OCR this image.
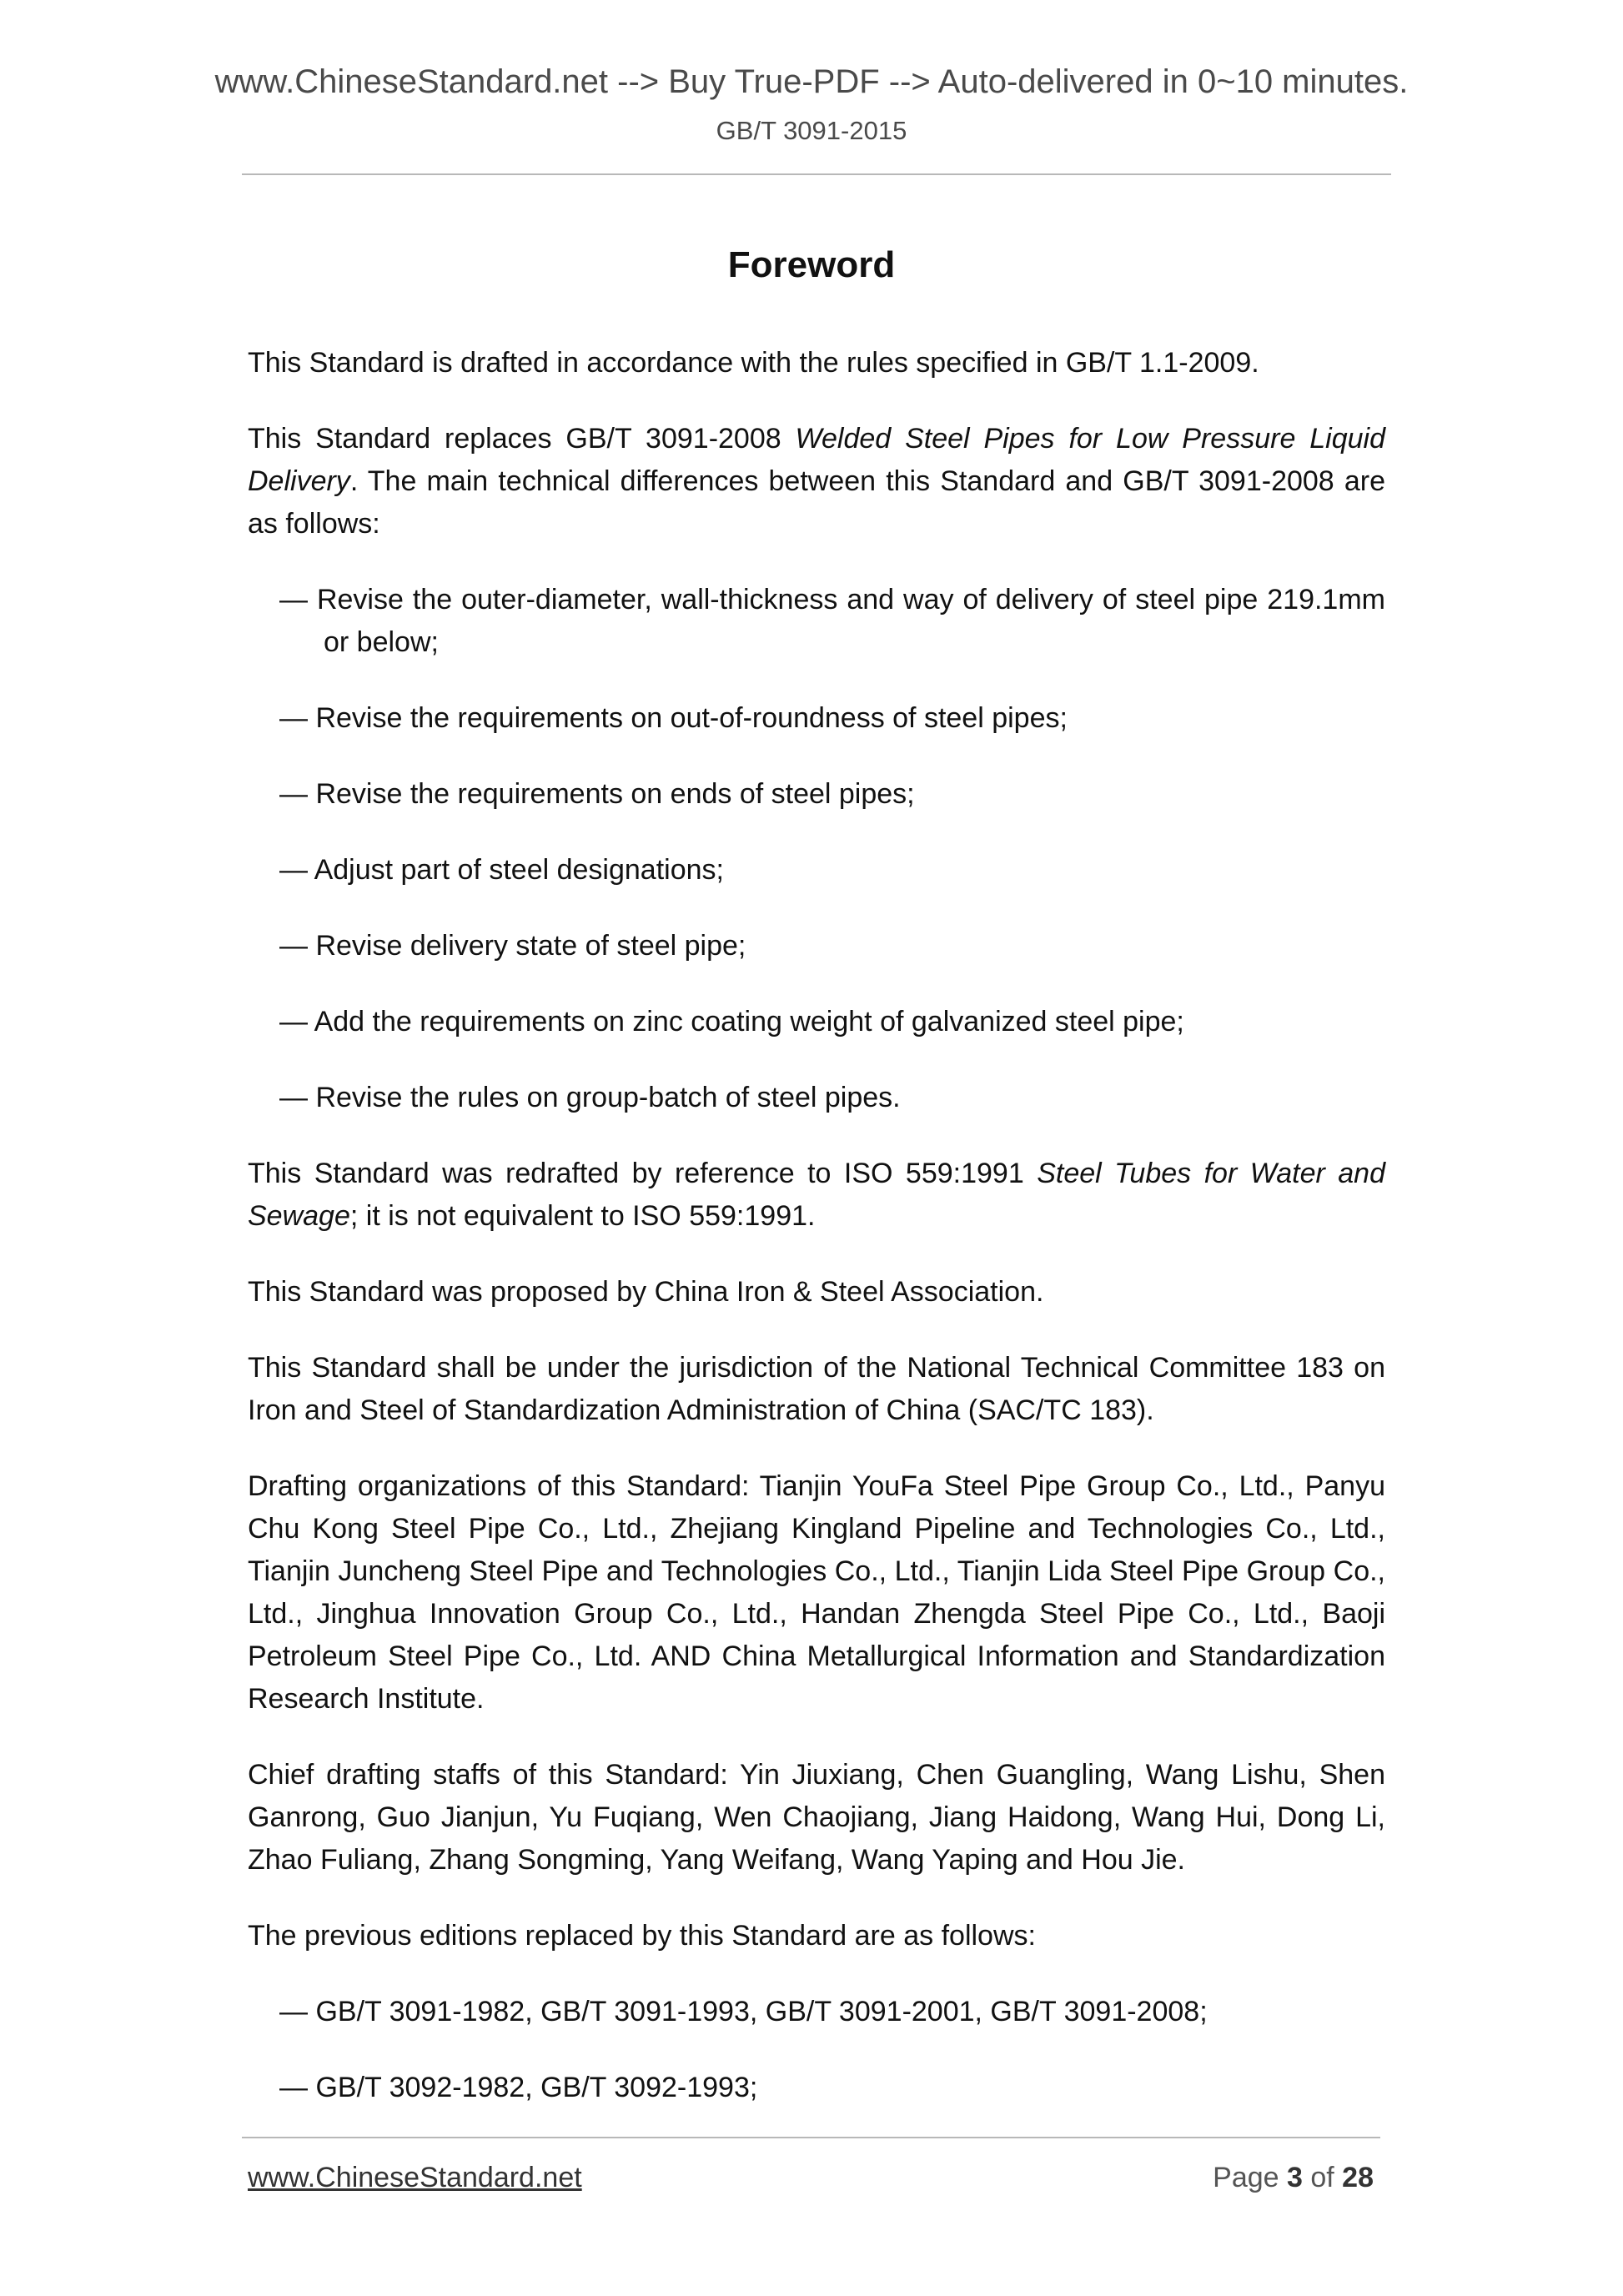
www.ChineseStandard.net --> Buy True-PDF --> Auto-delivered in 0~10 minutes.
GB/T 3091-2015
Foreword

This Standard is drafted in accordance with the rules specified in GB/T 1.1-2009.

This Standard replaces GB/T 3091-2008 Welded Steel Pipes for Low Pressure Liquid Delivery. The main technical differences between this Standard and GB/T 3091-2008 are as follows:

— Revise the outer-diameter, wall-thickness and way of delivery of steel pipe 219.1mm or below;

— Revise the requirements on out-of-roundness of steel pipes;

— Revise the requirements on ends of steel pipes;

— Adjust part of steel designations;

— Revise delivery state of steel pipe;

— Add the requirements on zinc coating weight of galvanized steel pipe;

— Revise the rules on group-batch of steel pipes.

This Standard was redrafted by reference to ISO 559:1991 Steel Tubes for Water and Sewage; it is not equivalent to ISO 559:1991.

This Standard was proposed by China Iron & Steel Association.

This Standard shall be under the jurisdiction of the National Technical Committee 183 on Iron and Steel of Standardization Administration of China (SAC/TC 183).

Drafting organizations of this Standard: Tianjin YouFa Steel Pipe Group Co., Ltd., Panyu Chu Kong Steel Pipe Co., Ltd., Zhejiang Kingland Pipeline and Technologies Co., Ltd., Tianjin Juncheng Steel Pipe and Technologies Co., Ltd., Tianjin Lida Steel Pipe Group Co., Ltd., Jinghua Innovation Group Co., Ltd., Handan Zhengda Steel Pipe Co., Ltd., Baoji Petroleum Steel Pipe Co., Ltd. AND China Metallurgical Information and Standardization Research Institute.

Chief drafting staffs of this Standard: Yin Jiuxiang, Chen Guangling, Wang Lishu, Shen Ganrong, Guo Jianjun, Yu Fuqiang, Wen Chaojiang, Jiang Haidong, Wang Hui, Dong Li, Zhao Fuliang, Zhang Songming, Yang Weifang, Wang Yaping and Hou Jie.

The previous editions replaced by this Standard are as follows:

— GB/T 3091-1982, GB/T 3091-1993, GB/T 3091-2001, GB/T 3091-2008;

— GB/T 3092-1982, GB/T 3092-1993;

www.ChineseStandard.net	Page 3 of 28
